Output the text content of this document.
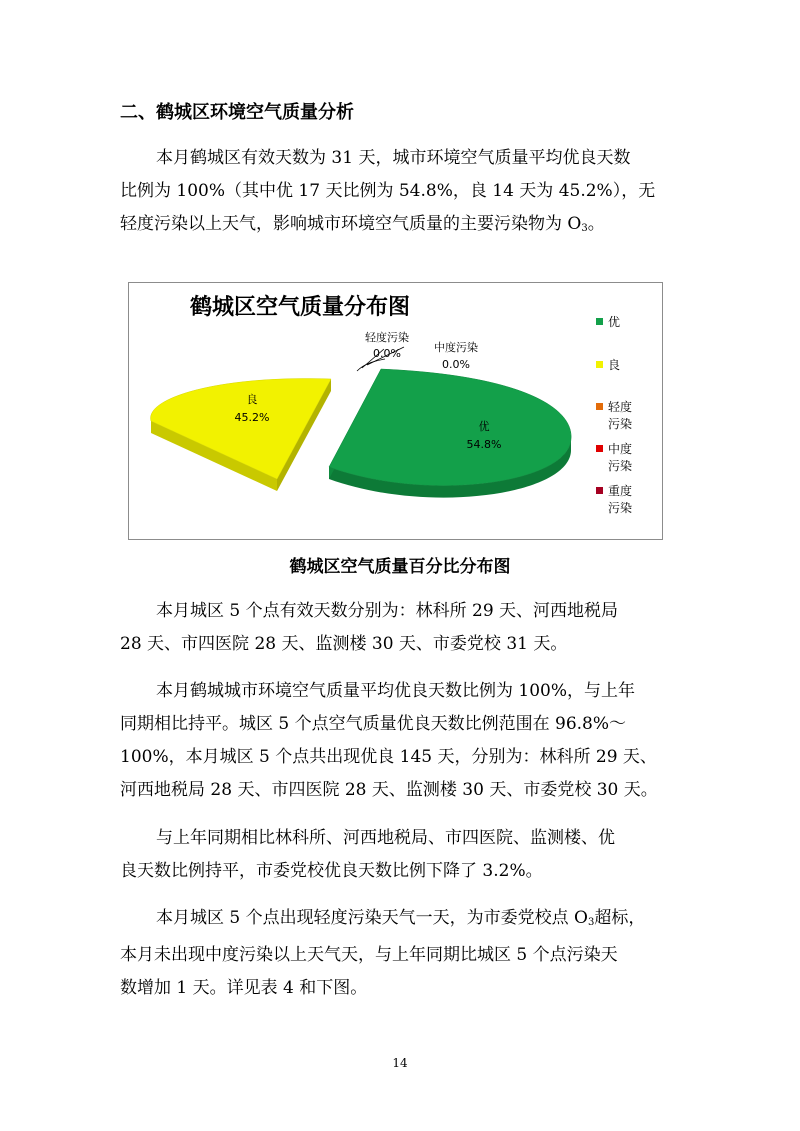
二、鹤城区环境空气质量分析
本月鹤城区有效天数为 31 天，城市环境空气质量平均优良天数
比例为 100%（其中优 17 天比例为 54.8%，良 14 天为 45.2%），无
轻度污染以上天气，影响城市环境空气质量的主要污染物为 $O_3$。
鹤城区空气质量分布图
良
45.2%
优
54.8%
轻度污染
0.0%	中度污染
0.0%
优
良
轻度
污染
中度
污染
重度
污染
鹤城区空气质量百分比分布图
本月城区 5 个点有效天数分别为：林科所 29 天、河西地税局
28 天、市四医院 28 天、监测楼 30 天、市委党校 31 天。
本月鹤城城市环境空气质量平均优良天数比例为 100%，与上年
同期相比持平。城区 5 个点空气质量优良天数比例范围在 96.8%～
100%，本月城区 5 个点共出现优良 145 天，分别为：林科所 29 天、
河西地税局 28 天、市四医院 28 天、监测楼 30 天、市委党校 30 天。
与上年同期相比林科所、河西地税局、市四医院、监测楼、优
良天数比例持平，市委党校优良天数比例下降了 3.2%。
本月城区 5 个点出现轻度污染天气一天，为市委党校点 $O_3$超标，
本月未出现中度污染以上天气天，与上年同期比城区 5 个点污染天
数增加 1 天。详见表 4 和下图。
14
